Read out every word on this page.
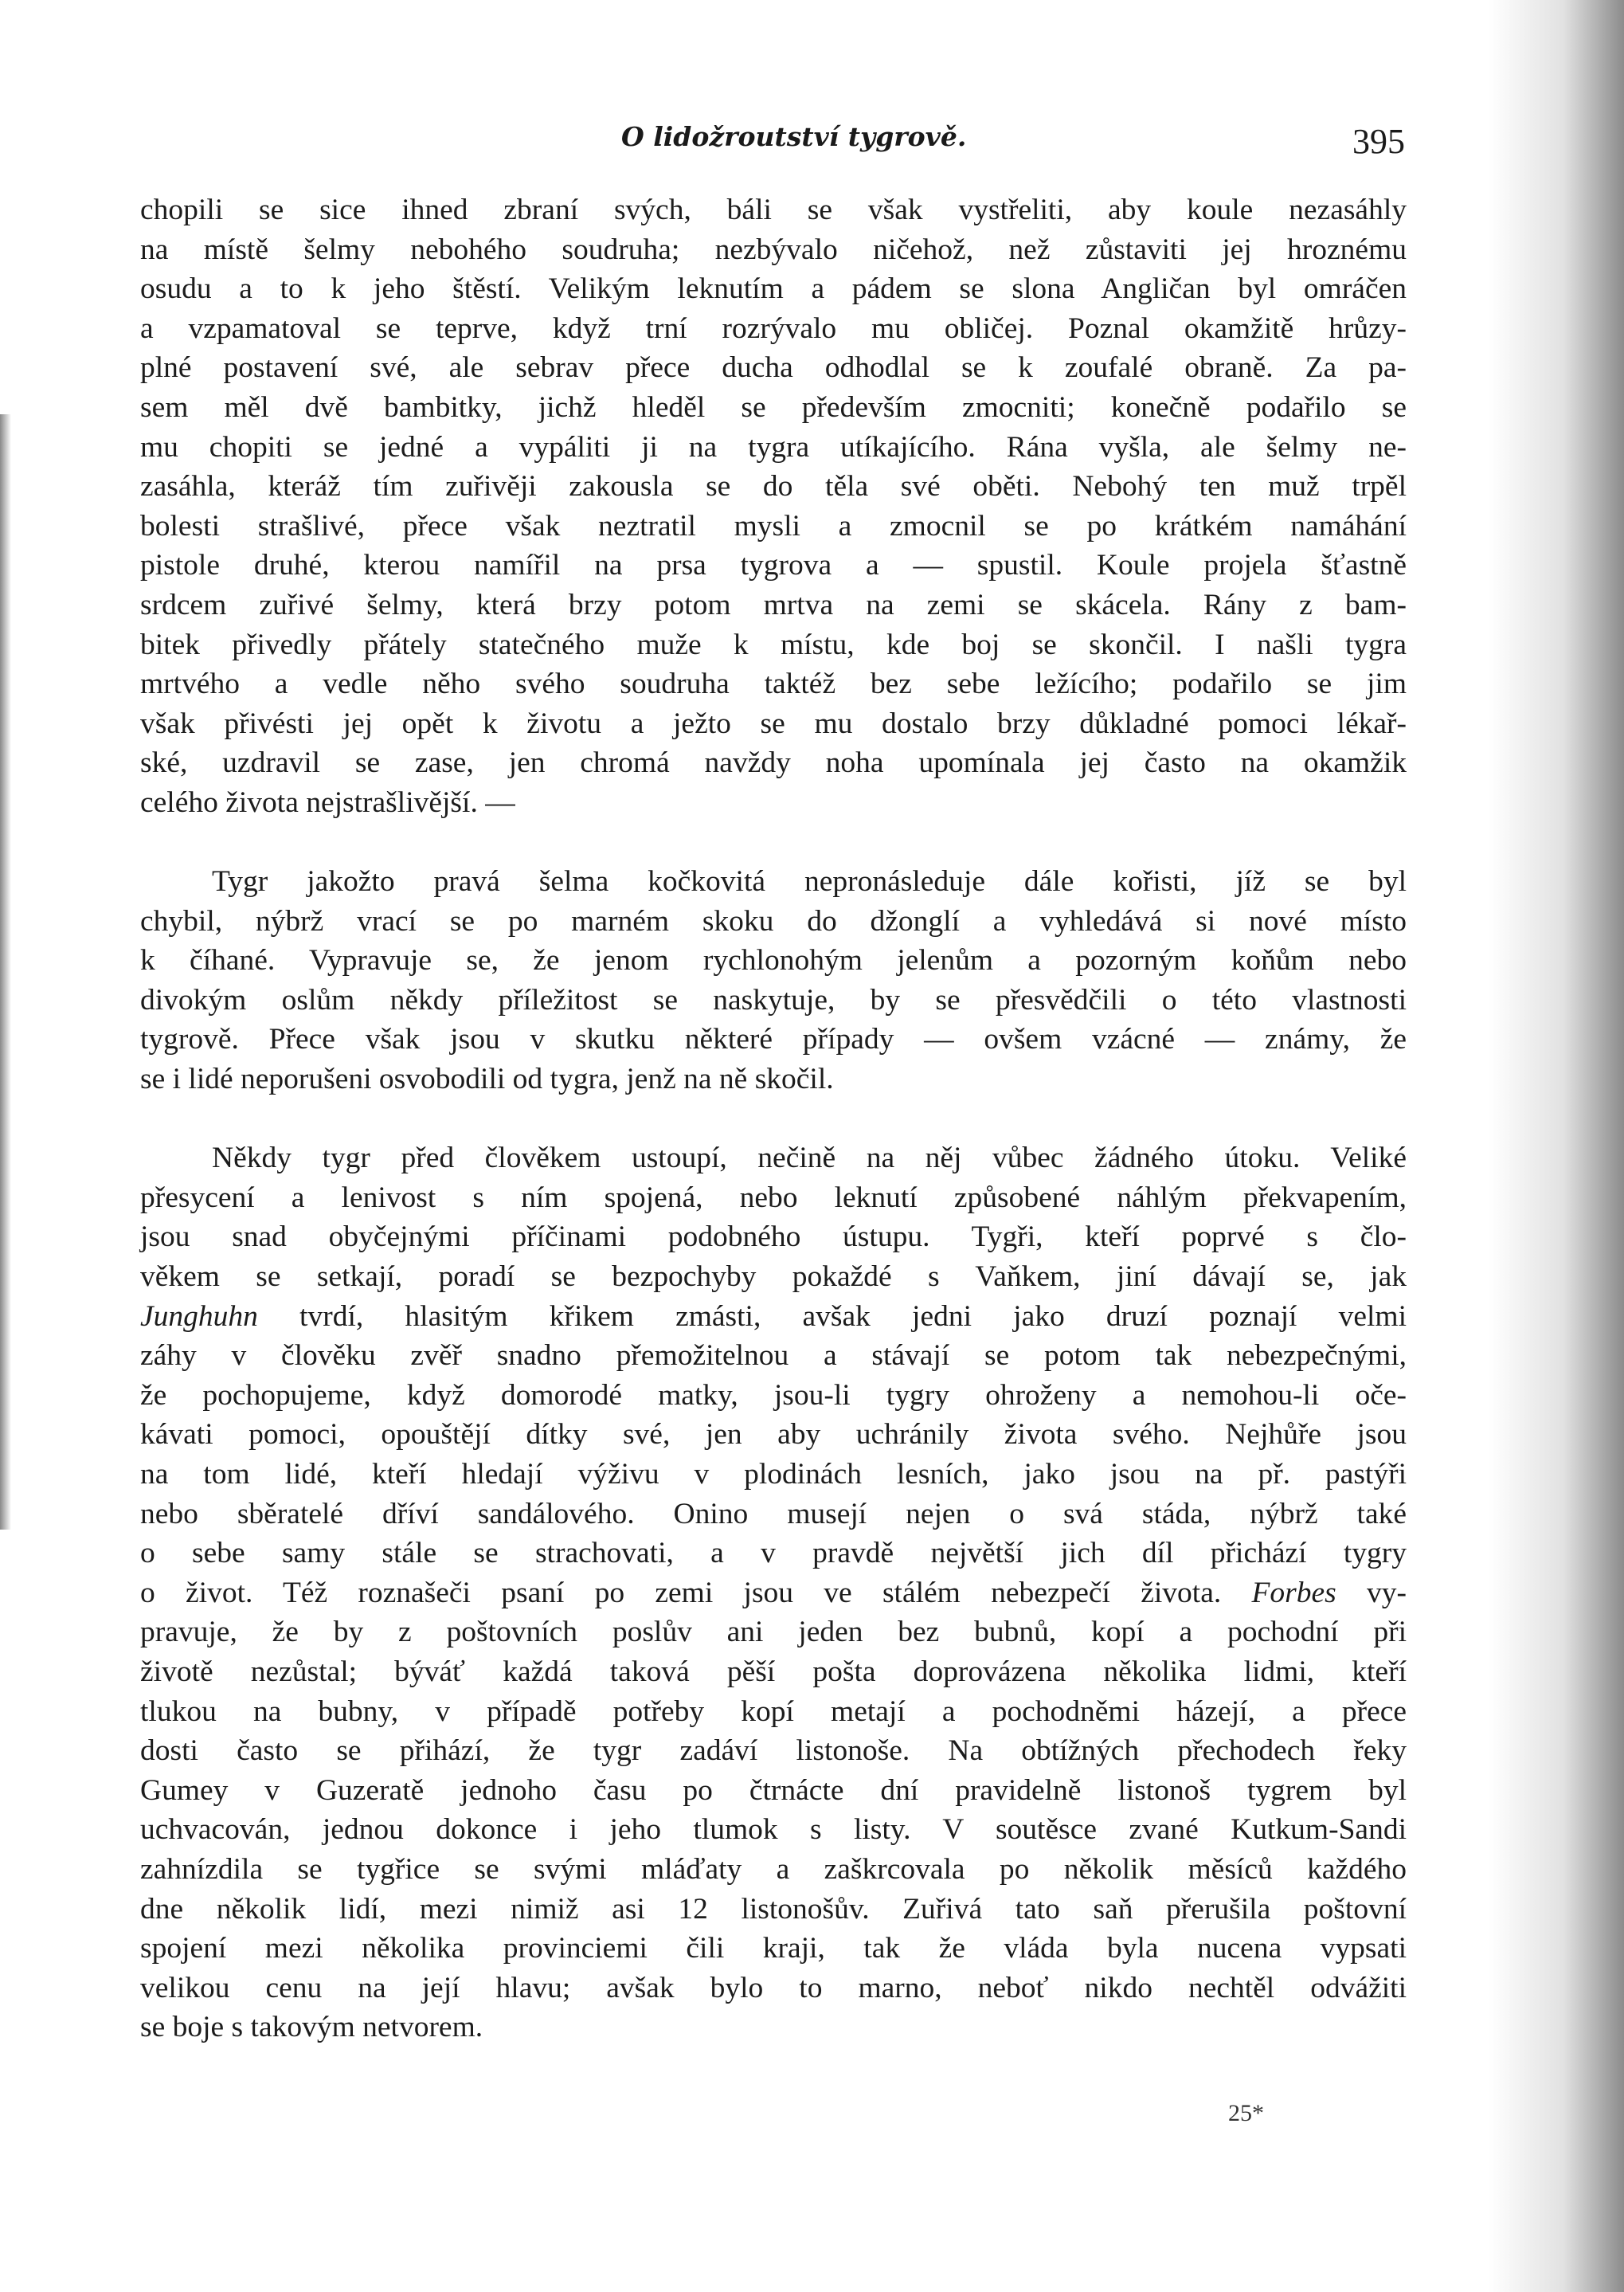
O lidožroutství tygrově.	395
chopili se sice ihned zbraní svých, báli se však vystřeliti, aby koule nezasáhly
na místě šelmy nebohého soudruha; nezbývalo ničehož, než zůstaviti jej hroznému
osudu a to k jeho štěstí. Velikým leknutím a pádem se slona Angličan byl omráčen
a vzpamatoval se teprve, když trní rozrývalo mu obličej. Poznal okamžitě hrůzy-
plné postavení své, ale sebrav přece ducha odhodlal se k zoufalé obraně. Za pa-
sem měl dvě bambitky, jichž hleděl se především zmocniti; konečně podařilo se
mu chopiti se jedné a vypáliti ji na tygra utíkajícího. Rána vyšla, ale šelmy ne-
zasáhla, kteráž tím zuřivěji zakousla se do těla své oběti. Nebohý ten muž trpěl
bolesti strašlivé, přece však neztratil mysli a zmocnil se po krátkém namáhání
pistole druhé, kterou namířil na prsa tygrova a — spustil. Koule projela šťastně
srdcem zuřivé šelmy, která brzy potom mrtva na zemi se skácela. Rány z bam-
bitek přivedly přátely statečného muže k místu, kde boj se skončil. I našli tygra
mrtvého a vedle něho svého soudruha taktéž bez sebe ležícího; podařilo se jim
však přivésti jej opět k životu a ježto se mu dostalo brzy důkladné pomoci lékař-
ské, uzdravil se zase, jen chromá navždy noha upomínala jej často na okamžik
celého života nejstrašlivější. —
Tygr jakožto pravá šelma kočkovitá nepronásleduje dále kořisti, jíž se byl
chybil, nýbrž vrací se po marném skoku do džonglí a vyhledává si nové místo
k číhané. Vypravuje se, že jenom rychlonohým jelenům a pozorným koňům nebo
divokým oslům někdy příležitost se naskytuje, by se přesvědčili o této vlastnosti
tygrově. Přece však jsou v skutku některé případy — ovšem vzácné — známy, že
se i lidé neporušeni osvobodili od tygra, jenž na ně skočil.
Někdy tygr před člověkem ustoupí, nečině na něj vůbec žádného útoku. Veliké
přesycení a lenivost s ním spojená, nebo leknutí způsobené náhlým překvapením,
jsou snad obyčejnými příčinami podobného ústupu. Tygři, kteří poprvé s člo-
věkem se setkají, poradí se bezpochyby pokaždé s Vaňkem, jiní dávají se, jak
Junghuhn tvrdí, hlasitým křikem zmásti, avšak jedni jako druzí poznají velmi
záhy v člověku zvěř snadno přemožitelnou a stávají se potom tak nebezpečnými,
že pochopujeme, když domorodé matky, jsou-li tygry ohroženy a nemohou-li oče-
kávati pomoci, opouštějí dítky své, jen aby uchránily života svého. Nejhůře jsou
na tom lidé, kteří hledají výživu v plodinách lesních, jako jsou na př. pastýři
nebo sběratelé dříví sandálového. Onino musejí nejen o svá stáda, nýbrž také
o sebe samy stále se strachovati, a v pravdě největší jich díl přichází tygry
o život. Též roznašeči psaní po zemi jsou ve stálém nebezpečí života. Forbes vy-
pravuje, že by z poštovních poslův ani jeden bez bubnů, kopí a pochodní při
životě nezůstal; býváť každá taková pěší pošta doprovázena několika lidmi, kteří
tlukou na bubny, v případě potřeby kopí metají a pochodněmi házejí, a přece
dosti často se přihází, že tygr zadáví listonoše. Na obtížných přechodech řeky
Gumey v Guzeratě jednoho času po čtrnácte dní pravidelně listonoš tygrem byl
uchvacován, jednou dokonce i jeho tlumok s listy. V soutěsce zvané Kutkum-Sandi
zahnízdila se tygřice se svými mláďaty a zaškrcovala po několik měsíců každého
dne několik lidí, mezi nimiž asi 12 listonošův. Zuřivá tato saň přerušila poštovní
spojení mezi několika provinciemi čili kraji, tak že vláda byla nucena vypsati
velikou cenu na její hlavu; avšak bylo to marno, neboť nikdo nechtěl odvážiti
se boje s takovým netvorem.
25*
